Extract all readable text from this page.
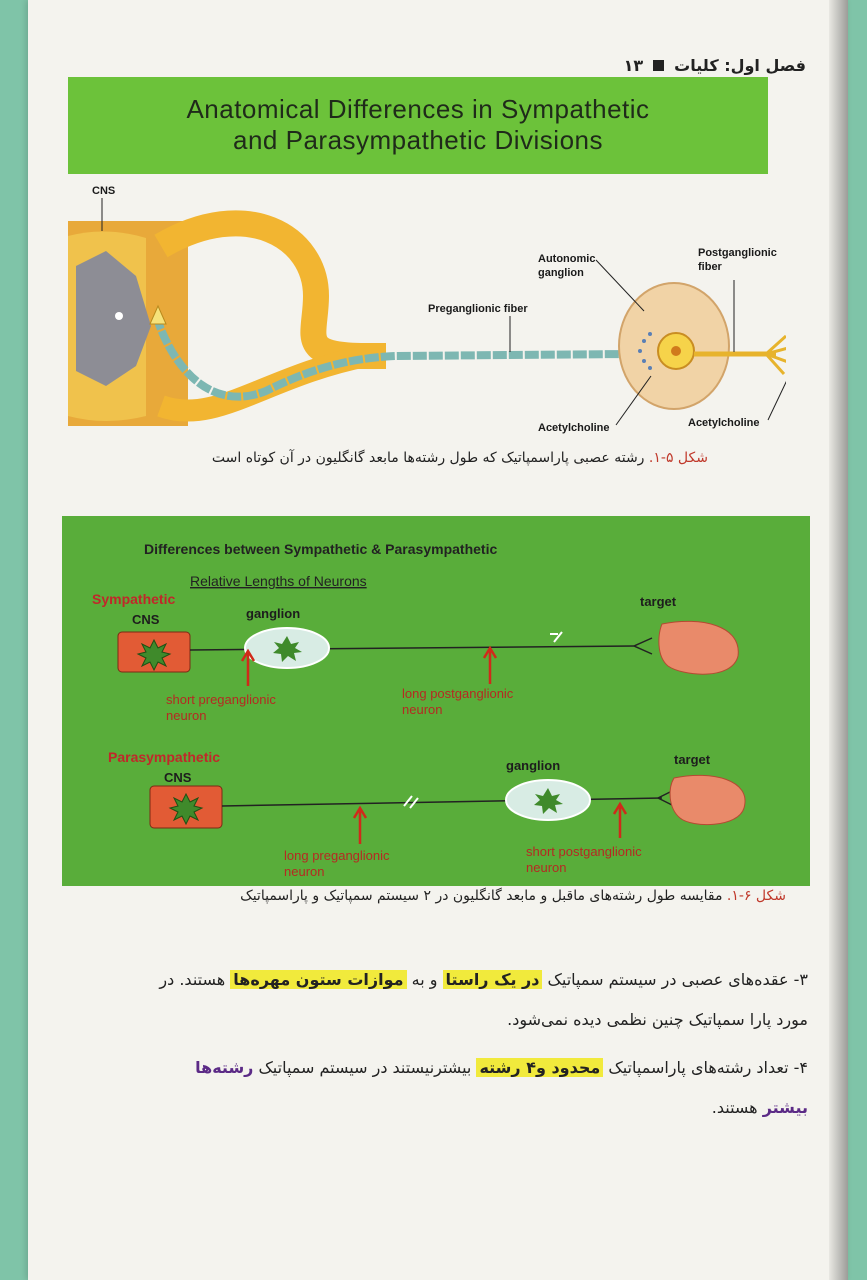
فصل اول: کلیات
۱۳
Anatomical Differences in Sympathetic
and Parasympathetic Divisions
CNS
Autonomic
ganglion
Preganglionic fiber
Postganglionic
fiber
Acetylcholine	Acetylcholine
شکل ۵-۱. رشته عصبی پاراسمپاتیک که طول رشته‌ها مابعد گانگلیون در آن کوتاه است
Differences between Sympathetic & Parasympathetic
Relative Lengths of Neurons
Sympathetic
CNS	ganglion
target
short preganglionic
neuron
long postganglionic
neuron
Parasympathetic
CNS
ganglion	target
long preganglionic
neuron
short postganglionic
neuron
شکل ۶-۱. مقایسه طول رشته‌های ماقبل و مابعد گانگلیون در ۲ سیستم سمپاتیک و پاراسمپاتیک
۳- عقده‌های عصبی در سیستم سمپاتیک در یک راستا و به موازات ستون مهره‌ها هستند. در
مورد پارا سمپاتیک چنین نظمی دیده نمی‌شود.
۴- تعداد رشته‌های پاراسمپاتیک محدود و۴ رشته بیشترنیستند در سیستم سمپاتیک رشته‌ها
بیشتر هستند.
